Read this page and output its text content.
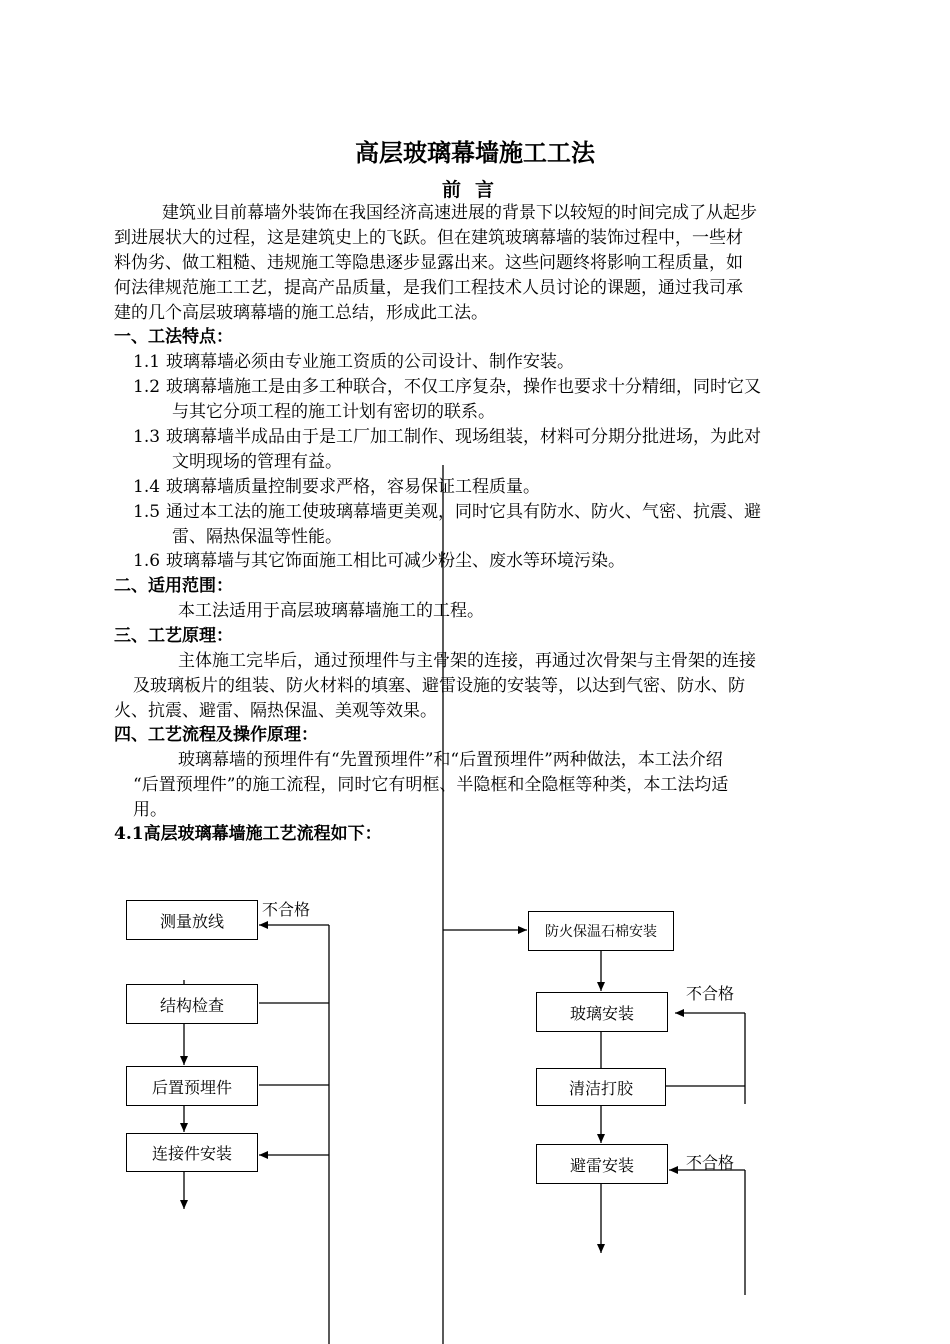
高层玻璃幕墙施工工法
前言
建筑业目前幕墙外装饰在我国经济高速进展的背景下以较短的时间完成了从起步
到进展状大的过程，这是建筑史上的飞跃。但在建筑玻璃幕墙的装饰过程中，一些材
料伪劣、做工粗糙、违规施工等隐患逐步显露出来。这些问题终将影响工程质量，如
何法律规范施工工艺，提高产品质量，是我们工程技术人员讨论的课题，通过我司承
建的几个高层玻璃幕墙的施工总结，形成此工法。
一、工法特点：
1.1 玻璃幕墙必须由专业施工资质的公司设计、制作安装。
1.2 玻璃幕墙施工是由多工种联合，不仅工序复杂，操作也要求十分精细，同时它又
与其它分项工程的施工计划有密切的联系。
1.3 玻璃幕墙半成品由于是工厂加工制作、现场组装，材料可分期分批进场，为此对
文明现场的管理有益。
1.4 玻璃幕墙质量控制要求严格，容易保证工程质量。
1.5 通过本工法的施工使玻璃幕墙更美观，同时它具有防水、防火、气密、抗震、避
雷、隔热保温等性能。
1.6 玻璃幕墙与其它饰面施工相比可减少粉尘、废水等环境污染。
二、适用范围：
本工法适用于高层玻璃幕墙施工的工程。
三、工艺原理：
主体施工完毕后，通过预埋件与主骨架的连接，再通过次骨架与主骨架的连接
及玻璃板片的组装、防火材料的填塞、避雷设施的安装等，以达到气密、防水、防
火、抗震、避雷、隔热保温、美观等效果。
四、工艺流程及操作原理：
玻璃幕墙的预埋件有“先置预埋件”和“后置预埋件”两种做法，本工法介绍
“后置预埋件”的施工流程，同时它有明框、半隐框和全隐框等种类，本工法均适
用。
4.1高层玻璃幕墙施工艺流程如下：
测量放线
结构检查
后置预埋件
连接件安装
防火保温石棉安装
玻璃安装
清洁打胶
避雷安装
不合格
不合格
不合格
